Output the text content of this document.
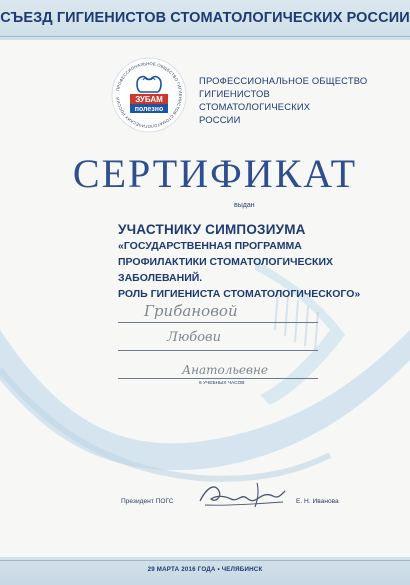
СЪЕЗД ГИГИЕНИСТОВ СТОМАТОЛОГИЧЕСКИХ РОССИИ
ПРОФЕССИОНАЛЬНОЕ ОБЩЕСТВО ГИГИЕНИСТОВ СТОМАТОЛОГИЧЕСКИХ РОССИИ	ЗУБАМ
полезно
ПРОФЕССИОНАЛЬНОЕ ОБЩЕСТВО
ГИГИЕНИСТОВ СТОМАТОЛОГИЧЕСКИХ
РОССИИ
СЕРТИФИКАТ
выдан
УЧАСТНИКУ СИМПОЗИУМА
«ГОСУДАРСТВЕННАЯ ПРОГРАММА
ПРОФИЛАКТИКИ СТОМАТОЛОГИЧЕСКИХ ЗАБОЛЕВАНИЙ.
РОЛЬ ГИГИЕНИСТА СТОМАТОЛОГИЧЕСКОГО»
Грибановой
Любови
Анатольевне
6 УЧЕБНЫХ ЧАСОВ
Президент ПОГС	Е. Н. Иванова
29 МАРТА 2016 ГОДА • ЧЕЛЯБИНСК
